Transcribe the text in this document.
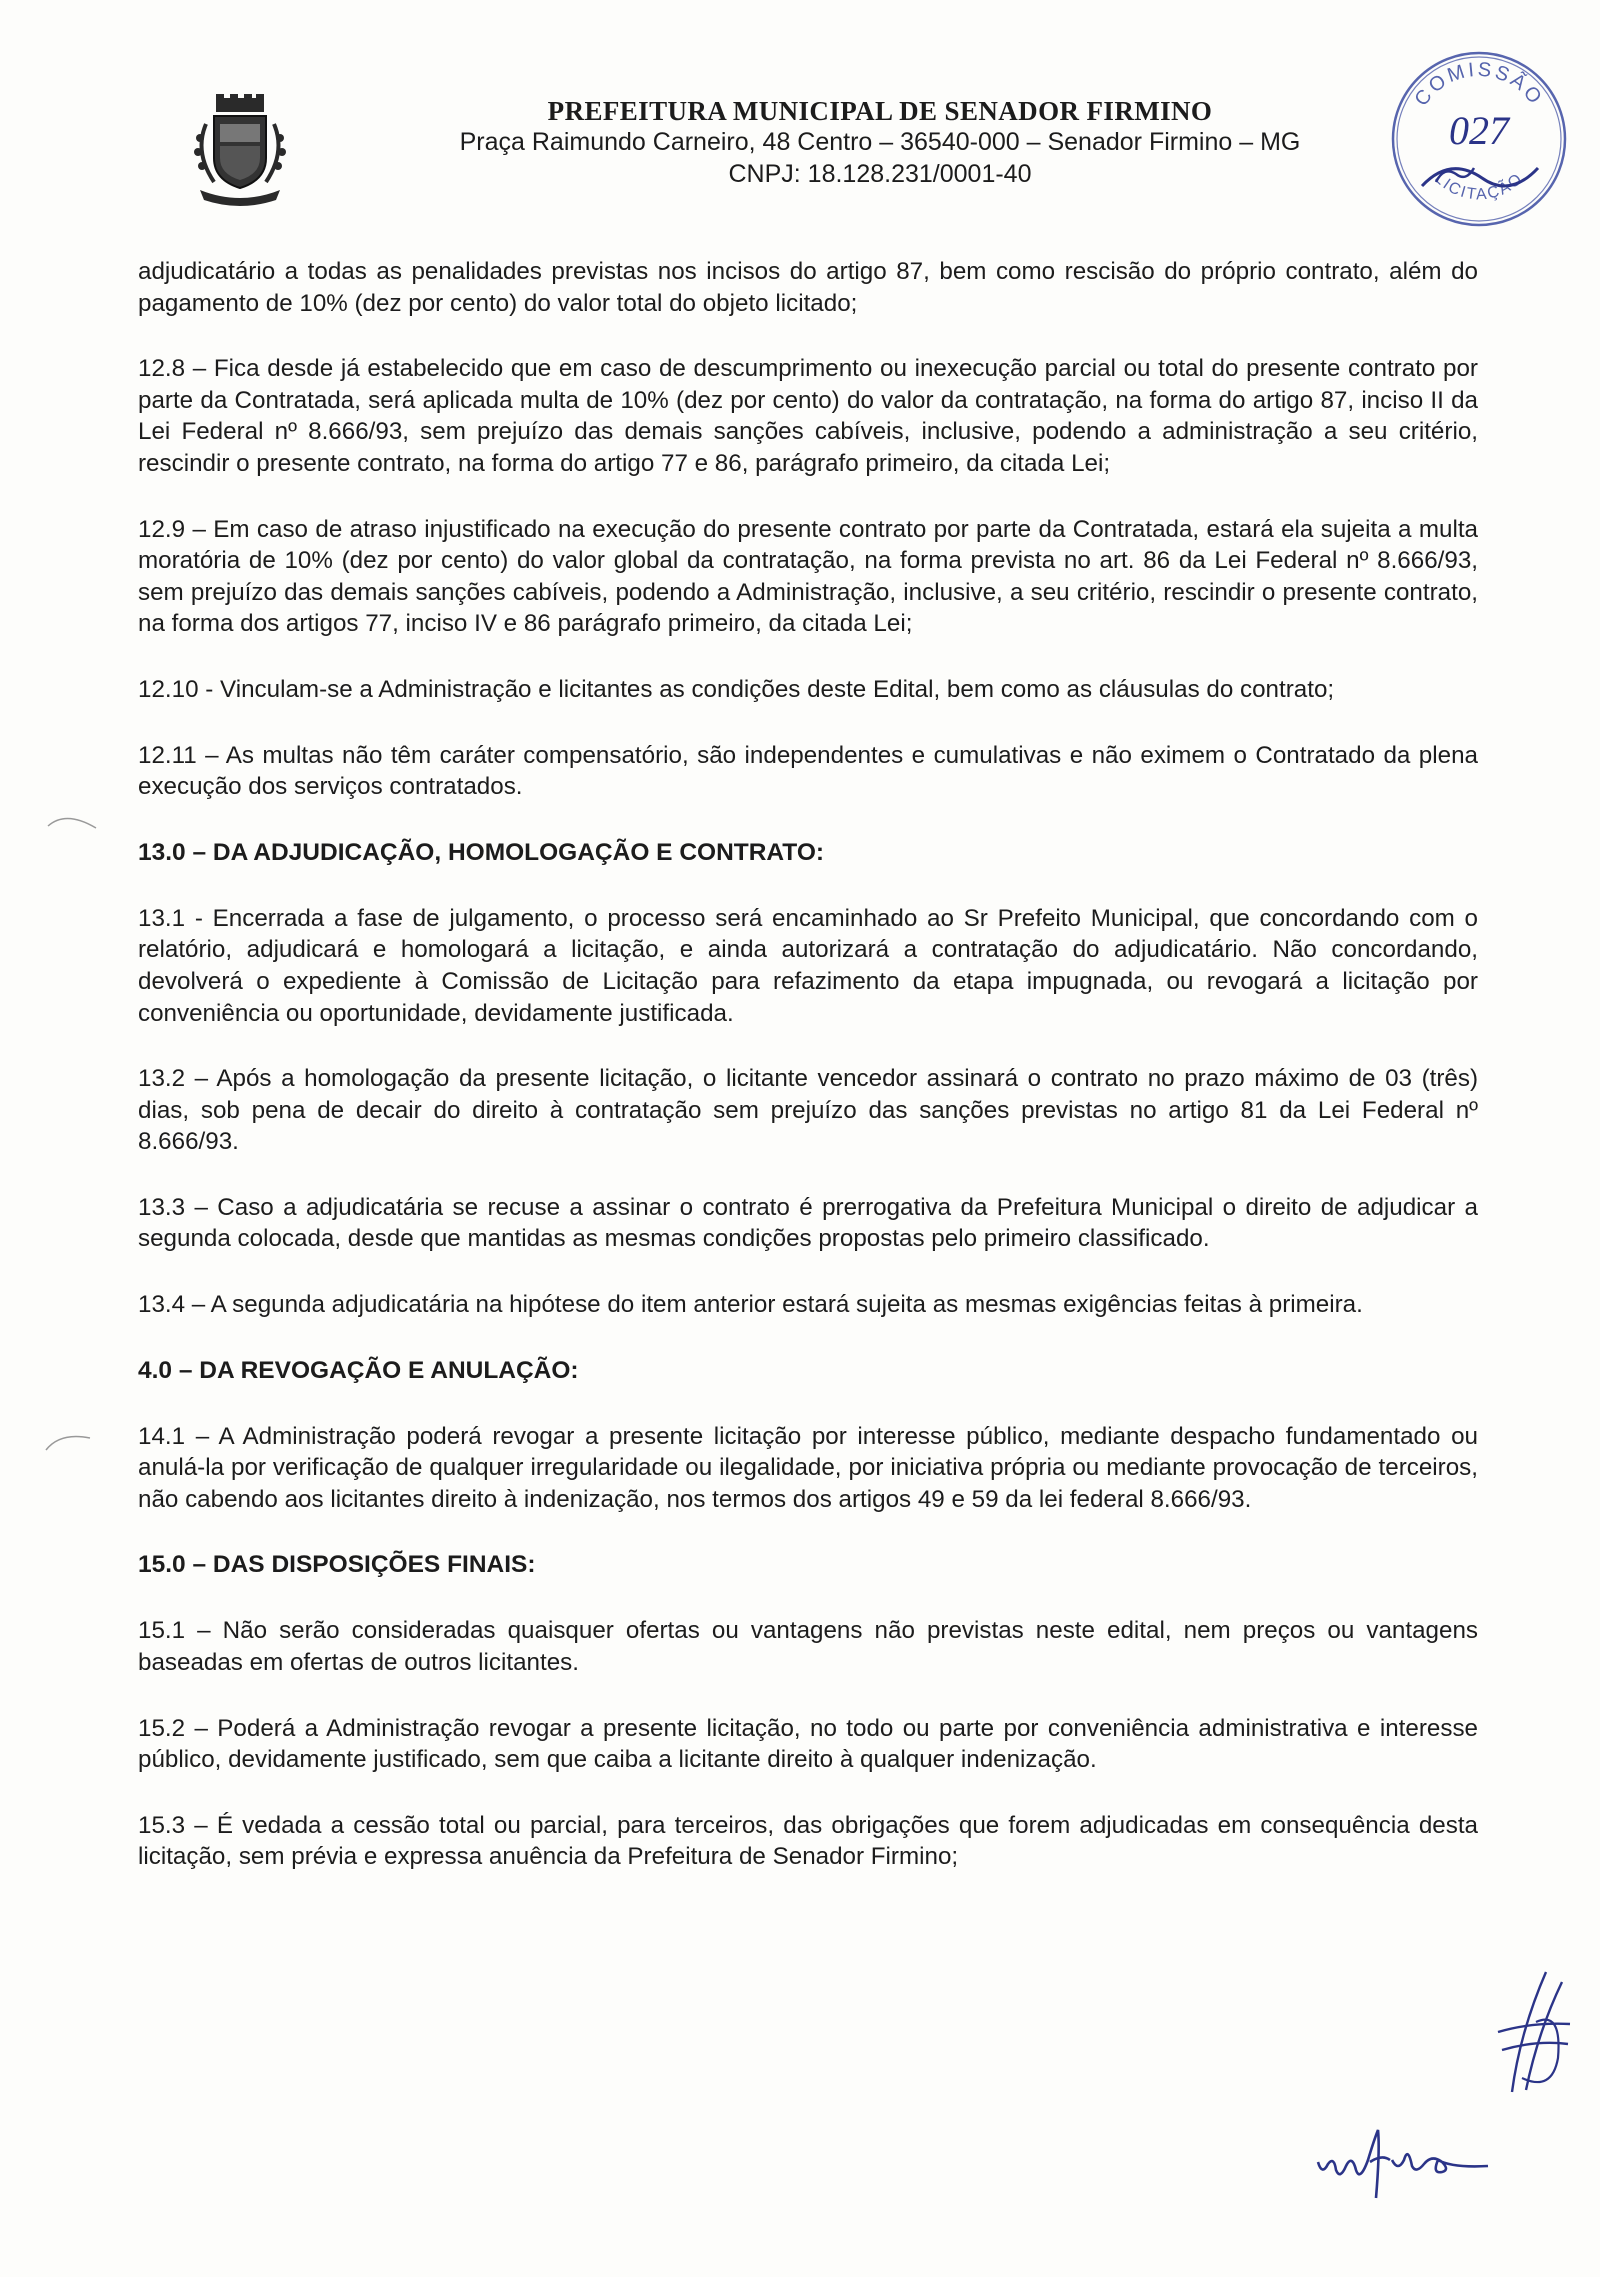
PREFEITURA MUNICIPAL DE SENADOR FIRMINO
Praça Raimundo Carneiro, 48 Centro – 36540-000 – Senador Firmino – MG
CNPJ: 18.128.231/0001-40
COMISSÃO
LICITAÇÃO
027

adjudicatário a todas as penalidades previstas nos incisos do artigo 87, bem como rescisão do próprio contrato, além do pagamento de 10% (dez por cento) do valor total do objeto licitado;

12.8 – Fica desde já estabelecido que em caso de descumprimento ou inexecução parcial ou total do presente contrato por parte da Contratada, será aplicada multa de 10% (dez por cento) do valor da contratação, na forma do artigo 87, inciso II da Lei Federal nº 8.666/93, sem prejuízo das demais sanções cabíveis, inclusive, podendo a administração a seu critério, rescindir o presente contrato, na forma do artigo 77 e 86, parágrafo primeiro, da citada Lei;

12.9 – Em caso de atraso injustificado na execução do presente contrato por parte da Contratada, estará ela sujeita a multa moratória de 10% (dez por cento) do valor global da contratação, na forma prevista no art. 86 da Lei Federal nº 8.666/93, sem prejuízo das demais sanções cabíveis, podendo a Administração, inclusive, a seu critério, rescindir o presente contrato, na forma dos artigos 77, inciso IV e 86 parágrafo primeiro, da citada Lei;

12.10 - Vinculam-se a Administração e licitantes as condições deste Edital, bem como as cláusulas do contrato;

12.11 – As multas não têm caráter compensatório, são independentes e cumulativas e não eximem o Contratado da plena execução dos serviços contratados.

13.0 – DA ADJUDICAÇÃO, HOMOLOGAÇÃO E CONTRATO:

13.1 - Encerrada a fase de julgamento, o processo será encaminhado ao Sr Prefeito Municipal, que concordando com o relatório, adjudicará e homologará a licitação, e ainda autorizará a contratação do adjudicatário. Não concordando, devolverá o expediente à Comissão de Licitação para refazimento da etapa impugnada, ou revogará a licitação por conveniência ou oportunidade, devidamente justificada.

13.2 – Após a homologação da presente licitação, o licitante vencedor assinará o contrato no prazo máximo de 03 (três) dias, sob pena de decair do direito à contratação sem prejuízo das sanções previstas no artigo 81 da Lei Federal nº 8.666/93.

13.3 – Caso a adjudicatária se recuse a assinar o contrato é prerrogativa da Prefeitura Municipal o direito de adjudicar a segunda colocada, desde que mantidas as mesmas condições propostas pelo primeiro classificado.

13.4 – A segunda adjudicatária na hipótese do item anterior estará sujeita as mesmas exigências feitas à primeira.

4.0 – DA REVOGAÇÃO E ANULAÇÃO:

14.1 – A Administração poderá revogar a presente licitação por interesse público, mediante despacho fundamentado ou anulá-la por verificação de qualquer irregularidade ou ilegalidade, por iniciativa própria ou mediante provocação de terceiros, não cabendo aos licitantes direito à indenização, nos termos dos artigos 49 e 59 da lei federal 8.666/93.

15.0 – DAS DISPOSIÇÕES FINAIS:

15.1 – Não serão consideradas quaisquer ofertas ou vantagens não previstas neste edital, nem preços ou vantagens baseadas em ofertas de outros licitantes.

15.2 – Poderá a Administração revogar a presente licitação, no todo ou parte por conveniência administrativa e interesse público, devidamente justificado, sem que caiba a licitante direito à qualquer indenização.

15.3 – É vedada a cessão total ou parcial, para terceiros, das obrigações que forem adjudicadas em consequência desta licitação, sem prévia e expressa anuência da Prefeitura de Senador Firmino;
